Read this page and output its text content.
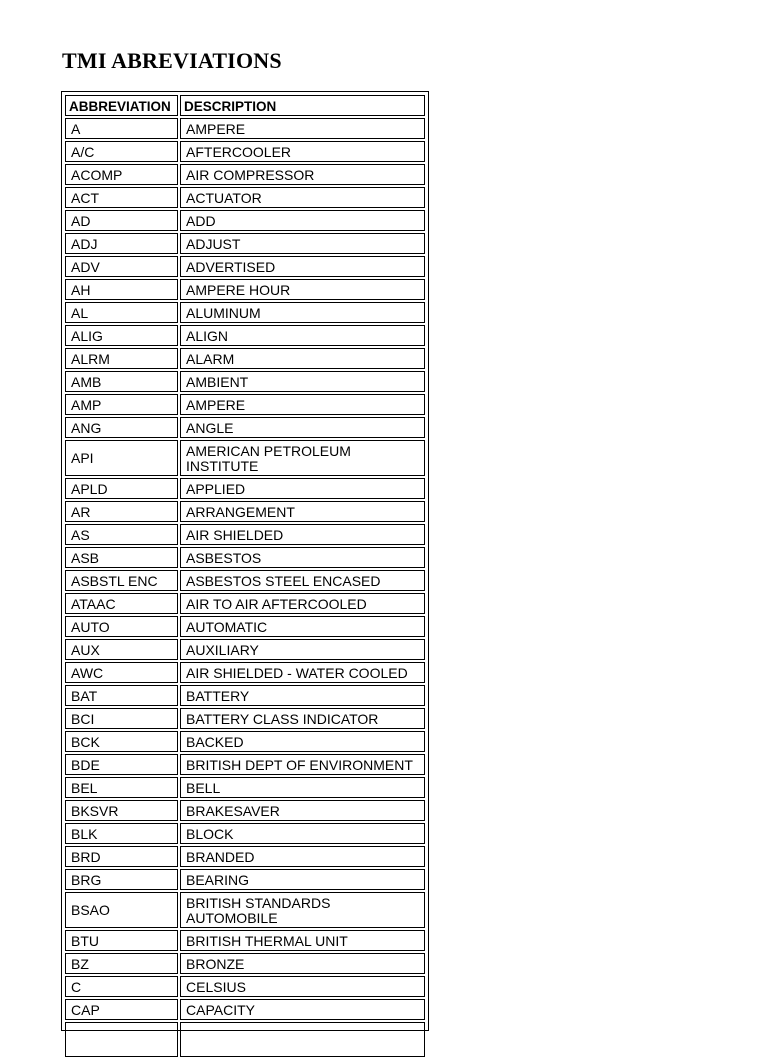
TMI ABREVIATIONS
ABBREVIATION	DESCRIPTION
A	AMPERE
A/C	AFTERCOOLER
ACOMP	AIR COMPRESSOR
ACT	ACTUATOR
AD	ADD
ADJ	ADJUST
ADV	ADVERTISED
AH	AMPERE HOUR
AL	ALUMINUM
ALIG	ALIGN
ALRM	ALARM
AMB	AMBIENT
AMP	AMPERE
ANG	ANGLE
API	AMERICAN PETROLEUM INSTITUTE
APLD	APPLIED
AR	ARRANGEMENT
AS	AIR SHIELDED
ASB	ASBESTOS
ASBSTL ENC	ASBESTOS STEEL ENCASED
ATAAC	AIR TO AIR AFTERCOOLED
AUTO	AUTOMATIC
AUX	AUXILIARY
AWC	AIR SHIELDED - WATER COOLED
BAT	BATTERY
BCI	BATTERY CLASS INDICATOR
BCK	BACKED
BDE	BRITISH DEPT OF ENVIRONMENT
BEL	BELL
BKSVR	BRAKESAVER
BLK	BLOCK
BRD	BRANDED
BRG	BEARING
BSAO	BRITISH STANDARDS AUTOMOBILE
BTU	BRITISH THERMAL UNIT
BZ	BRONZE
C	CELSIUS
CAP	CAPACITY
